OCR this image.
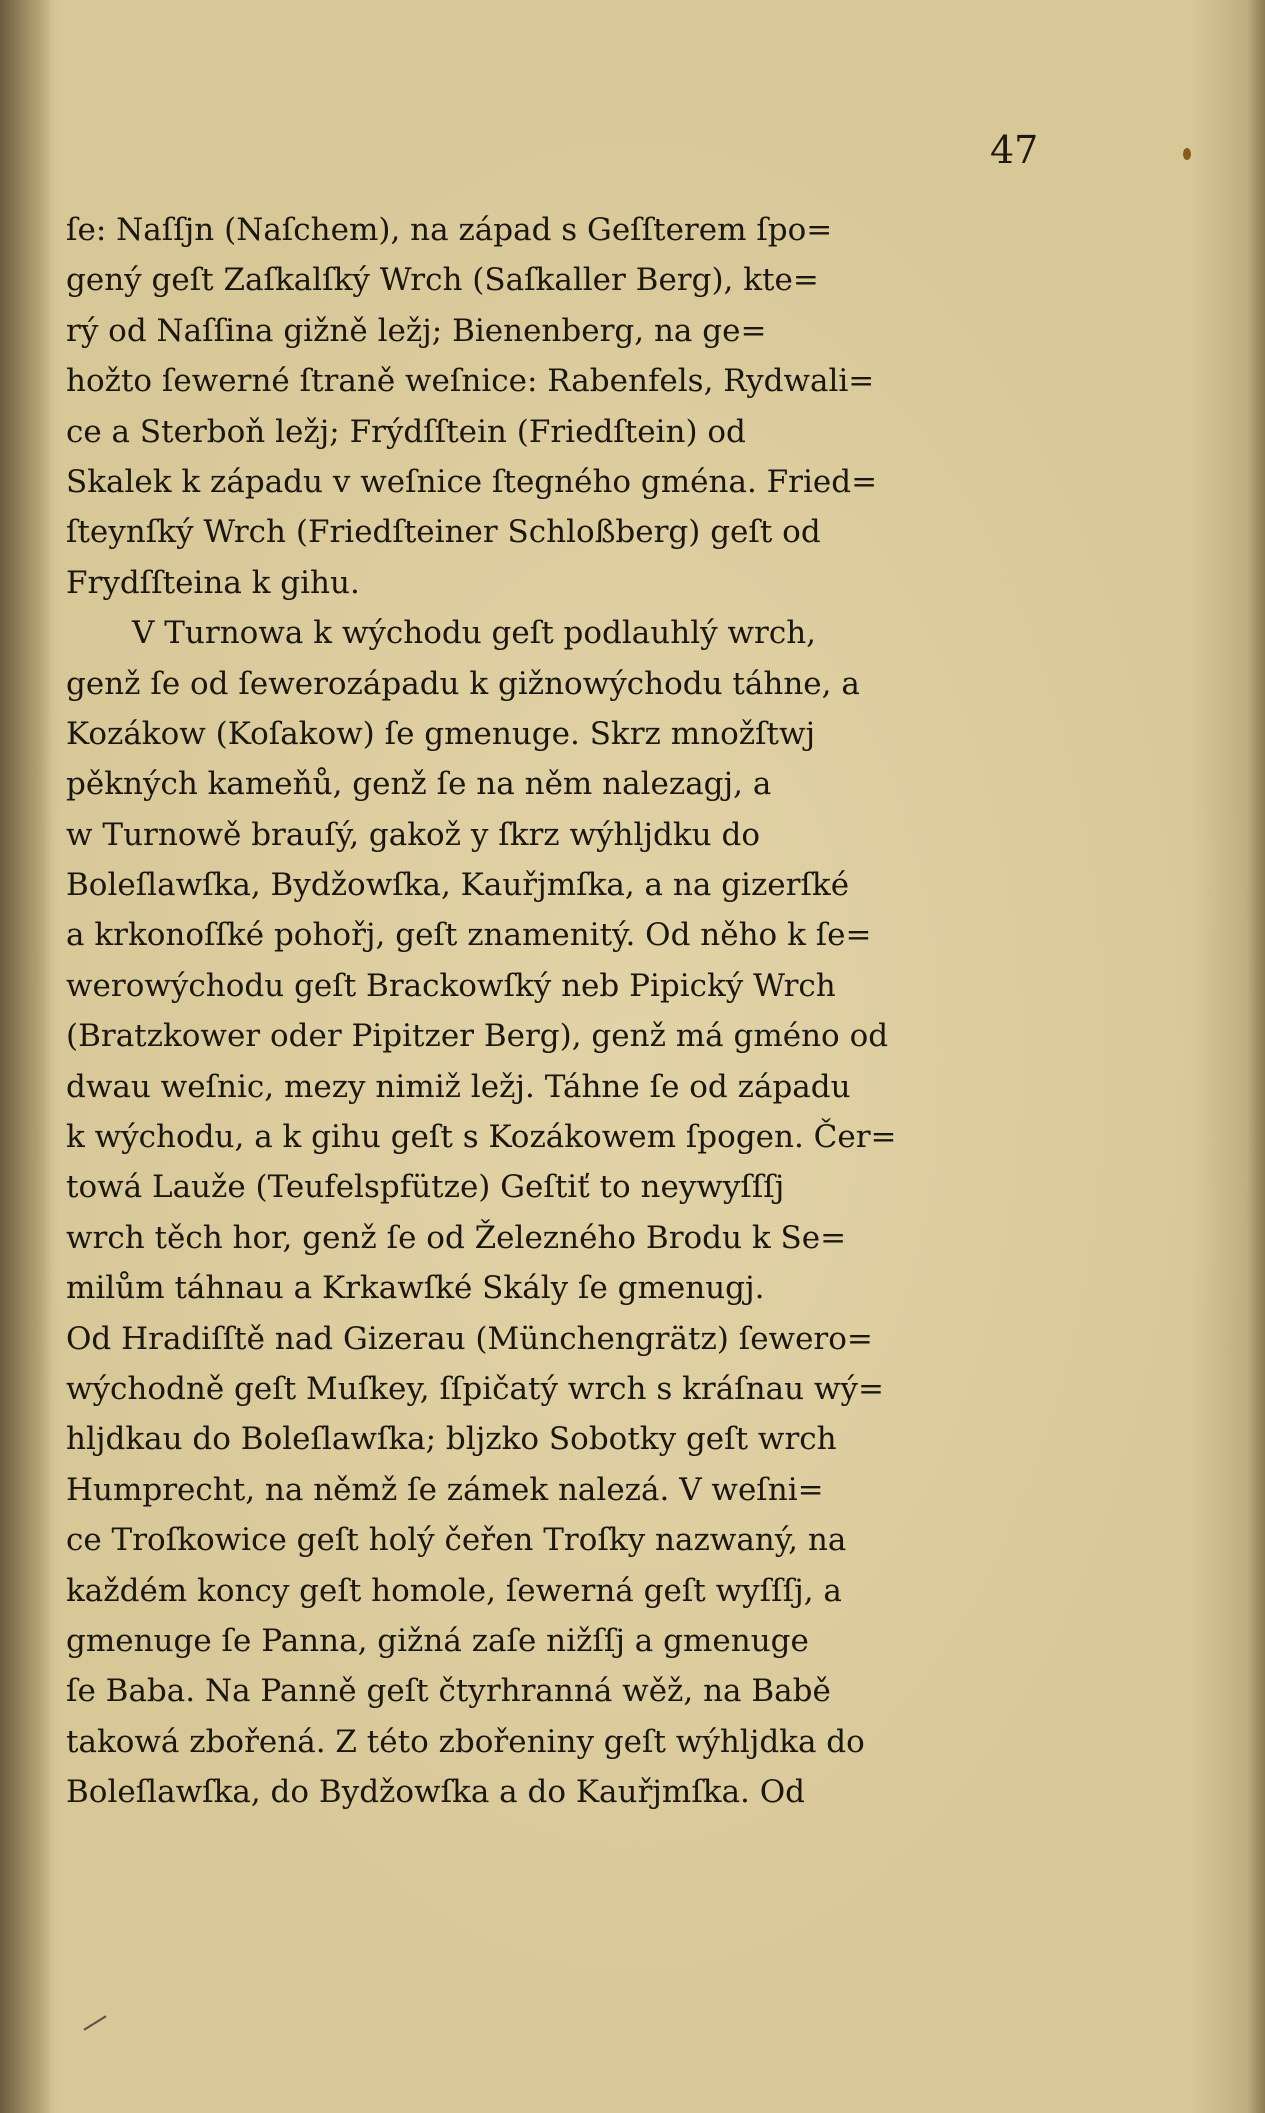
47
ſe: Naſſjn (Naſchem), na západ s Geſſterem ſpo=
gený geſt Zaſkalſký Wrch (Saſkaller Berg), kte=
rý od Naſſina gižně ležj; Bienenberg, na ge=
hožto ſewerné ſtraně weſnice: Rabenfels, Rydwali=
ce a Sterboň ležj; Frýdſſtein (Friedſtein) od
Skalek k západu v weſnice ſtegného gména. Fried=
ſteynſký Wrch (Friedſteiner Schloßberg) geſt od
Frydſſteina k gihu.
V Turnowa k wýchodu geſt podlauhlý wrch,
genž ſe od ſewerozápadu k gižnowýchodu táhne, a
Kozákow (Koſakow) ſe gmenuge. Skrz množſtwj
pěkných kameňů, genž ſe na něm nalezagj, a
w Turnowě brauſý, gakož y ſkrz wýhljdku do
Boleſlawſka, Bydžowſka, Kauřjmſka, a na gizerſké
a krkonoſſké pohořj, geſt znamenitý. Od něho k ſe=
werowýchodu geſt Brackowſký neb Pipický Wrch
(Bratzkower oder Pipitzer Berg), genž má gméno od
dwau weſnic, mezy nimiž ležj. Táhne ſe od západu
k wýchodu, a k gihu geſt s Kozákowem ſpogen. Čer=
towá Lauže (Teufelspfütze) Geſtiť to neywyſſſj
wrch těch hor, genž ſe od Železného Brodu k Se=
milům táhnau a Krkawſké Skály ſe gmenugj.
Od Hradiſſtě nad Gizerau (Münchengrätz) ſewero=
wýchodně geſt Muſkey, ſſpičatý wrch s kráſnau wý=
hljdkau do Boleſlawſka; bljzko Sobotky geſt wrch
Humprecht, na němž ſe zámek nalezá. V weſni=
ce Troſkowice geſt holý čeřen Troſky nazwaný, na
každém koncy geſt homole, ſewerná geſt wyſſſj, a
gmenuge ſe Panna, gižná zaſe nižſſj a gmenuge
ſe Baba. Na Panně geſt čtyrhranná wěž, na Babě
takowá zbořená. Z této zbořeniny geſt wýhljdka do
Boleſlawſka, do Bydžowſka a do Kauřjmſka. Od
